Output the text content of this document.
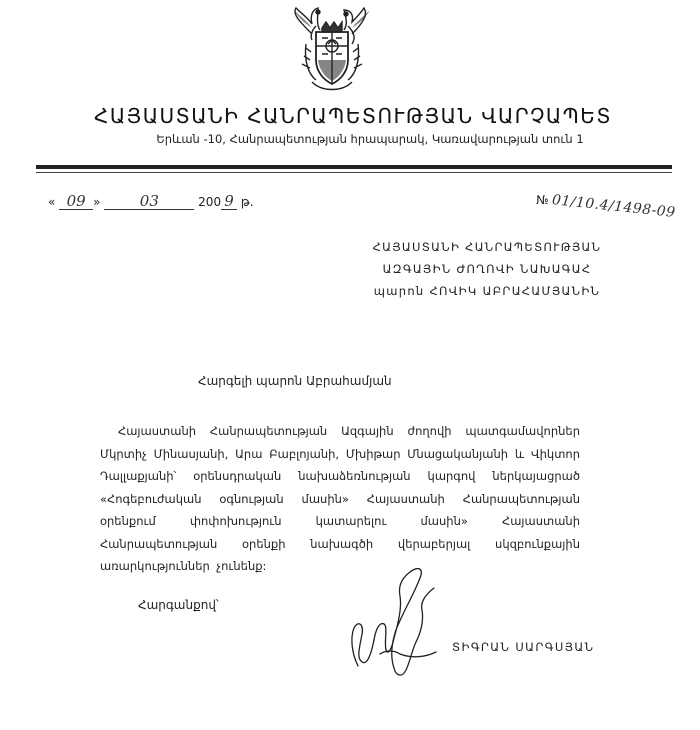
ՀԱՅԱՍՏԱՆԻ ՀԱՆՐԱՊԵՏՈՒԹՅԱՆ ՎԱՐՉԱՊԵՏ
Երևան -10, Հանրապետության հրապարակ, Կառավարության տուն 1
« 09 »	03	200 9 թ.	№ 01/10.4/1498-09
ՀԱՅԱՍՏԱՆԻ ՀԱՆՐԱՊԵՏՈՒԹՅԱՆ
ԱԶԳԱՅԻՆ ԺՈՂՈՎԻ ՆԱԽԱԳԱՀ
պարոն ՀՈՎԻԿ ԱԲՐԱՀԱՄՅԱՆԻՆ
Հարգելի պարոն Աբրահամյան
Հայաստանի Հանրապետության Ազգային ժողովի պատգամավորներ Մկրտիչ Մինասյանի, Արա Բաբլոյանի, Մխիթար Մնացականյանի և Վիկտոր Դալլաքյանի՝ օրենսդրական նախաձեռնության կարգով ներկայացրած «Հոգեբուժական օգնության մասին» Հայաստանի Հանրապետության օրենքում փոփոխություն կատարելու մասին» Հայաստանի Հանրապետության օրենքի նախագծի վերաբերյալ սկզբունքային առարկություններ չունենք:
Հարգանքով՝
ՏԻԳՐԱՆ ՍԱՐԳՍՅԱՆ
